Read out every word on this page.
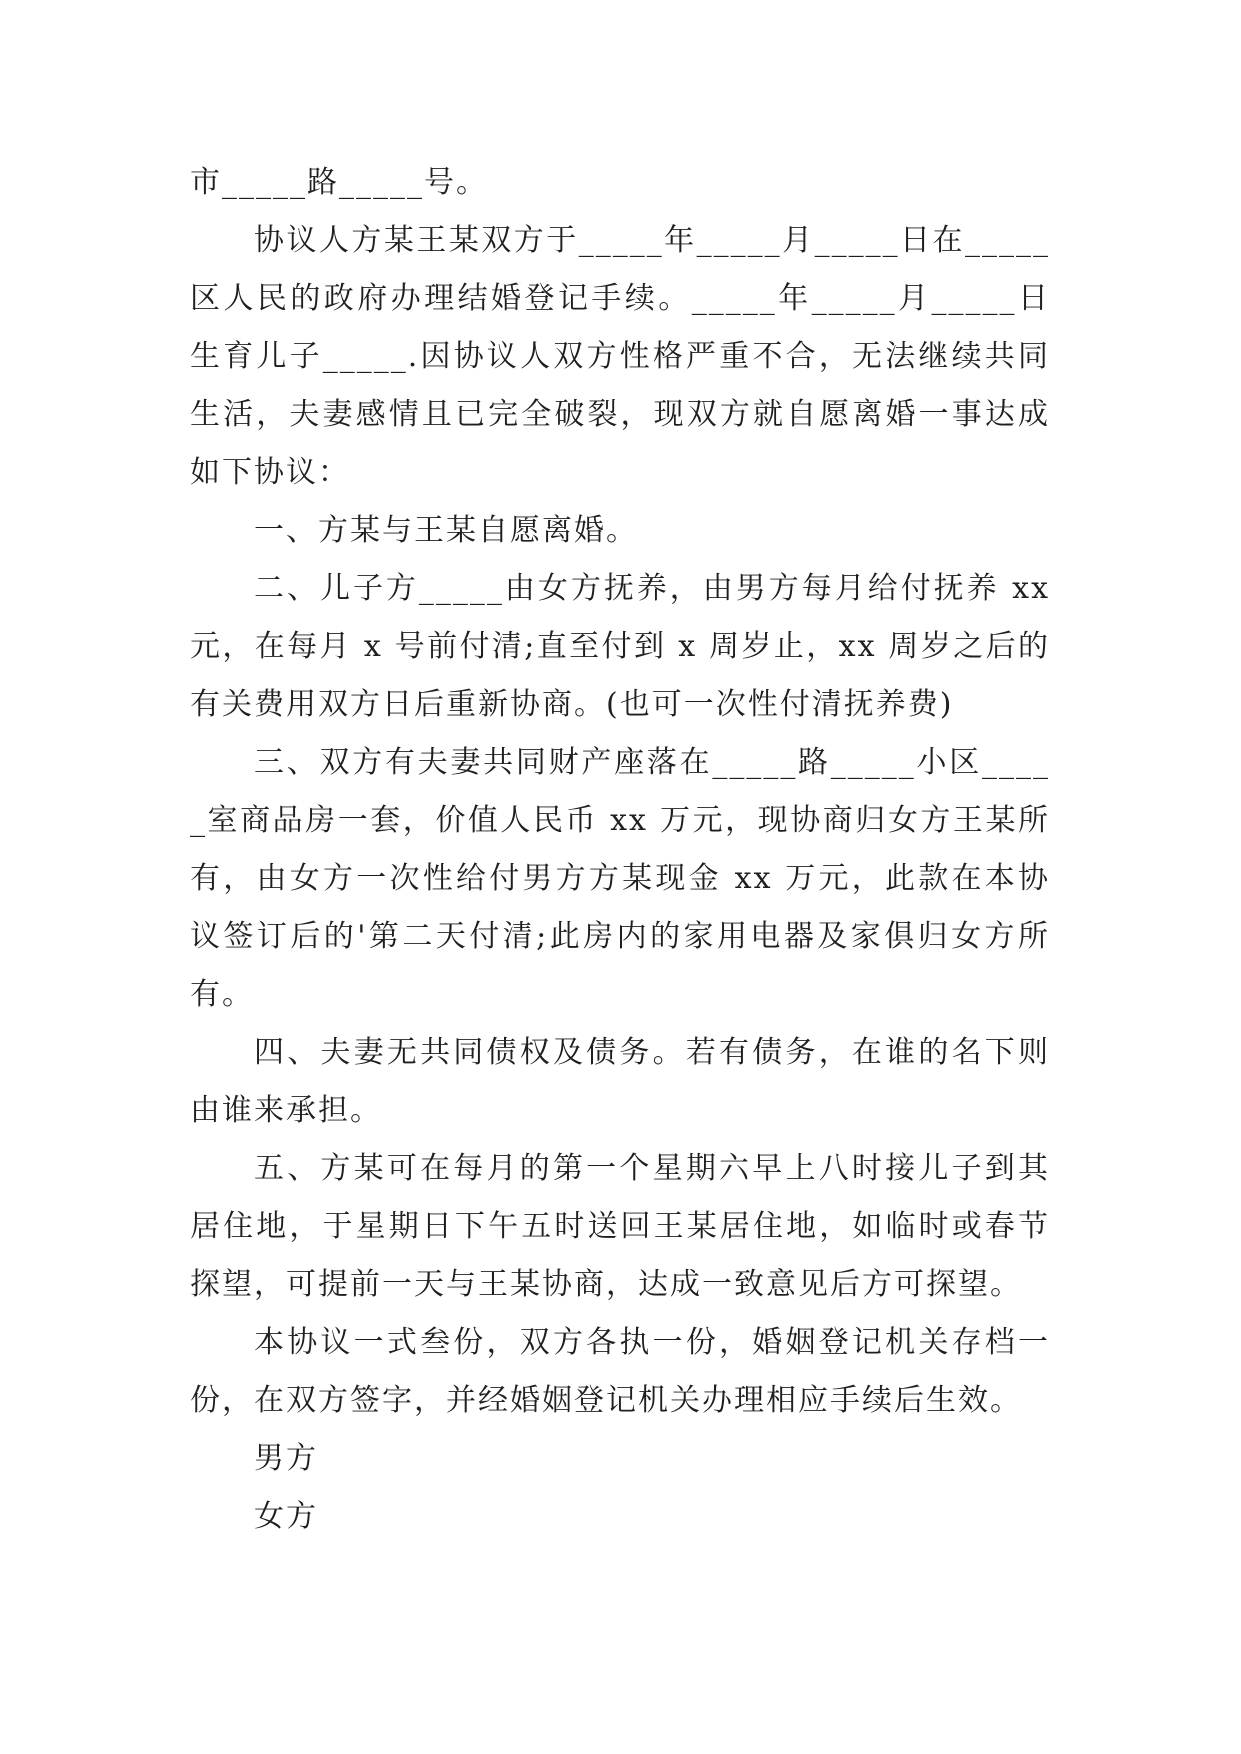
市_____路_____号。

协议人方某王某双方于_____年_____月_____日在_____区人民的政府办理结婚登记手续。_____年_____月_____日生育儿子_____.因协议人双方性格严重不合，无法继续共同生活，夫妻感情且已完全破裂，现双方就自愿离婚一事达成如下协议：

一、方某与王某自愿离婚。

二、儿子方_____由女方抚养，由男方每月给付抚养 xx 元，在每月 x 号前付清;直至付到 x 周岁止，xx 周岁之后的有关费用双方日后重新协商。(也可一次性付清抚养费)

三、双方有夫妻共同财产座落在_____路_____小区_____室商品房一套，价值人民币 xx 万元，现协商归女方王某所有，由女方一次性给付男方方某现金 xx 万元，此款在本协议签订后的'第二天付清;此房内的家用电器及家俱归女方所有。

四、夫妻无共同债权及债务。若有债务，在谁的名下则由谁来承担。

五、方某可在每月的第一个星期六早上八时接儿子到其居住地，于星期日下午五时送回王某居住地，如临时或春节探望，可提前一天与王某协商，达成一致意见后方可探望。

本协议一式叁份，双方各执一份，婚姻登记机关存档一份，在双方签字，并经婚姻登记机关办理相应手续后生效。

男方

女方
